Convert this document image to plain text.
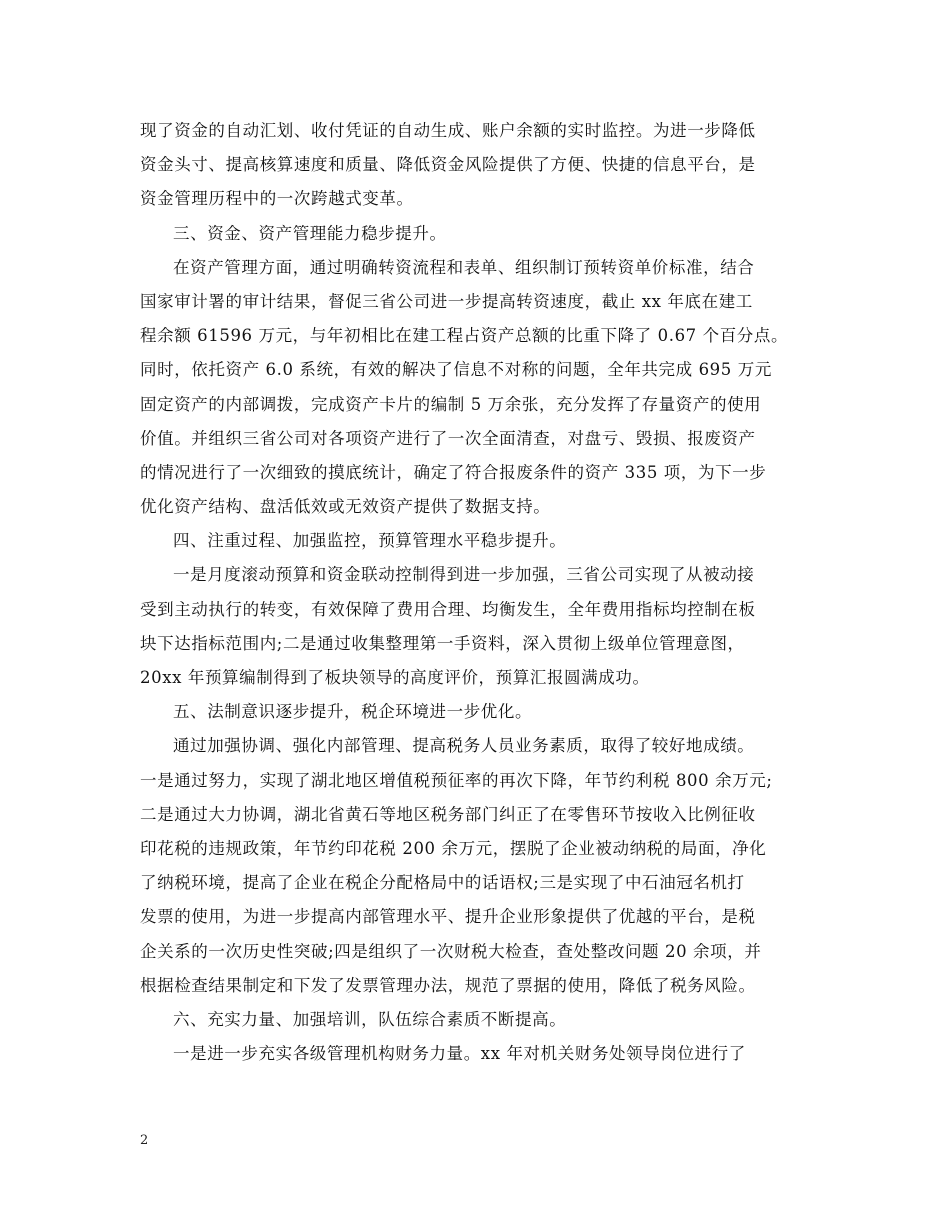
现了资金的自动汇划、收付凭证的自动生成、账户余额的实时监控。为进一步降低
资金头寸、提高核算速度和质量、降低资金风险提供了方便、快捷的信息平台，是
资金管理历程中的一次跨越式变革。
三、资金、资产管理能力稳步提升。
在资产管理方面，通过明确转资流程和表单、组织制订预转资单价标准，结合
国家审计署的审计结果，督促三省公司进一步提高转资速度，截止 xx 年底在建工
程余额 61596 万元，与年初相比在建工程占资产总额的比重下降了 0.67 个百分点。
同时，依托资产 6.0 系统，有效的解决了信息不对称的问题，全年共完成 695 万元
固定资产的内部调拨，完成资产卡片的编制 5 万余张，充分发挥了存量资产的使用
价值。并组织三省公司对各项资产进行了一次全面清查，对盘亏、毁损、报废资产
的情况进行了一次细致的摸底统计，确定了符合报废条件的资产 335 项，为下一步
优化资产结构、盘活低效或无效资产提供了数据支持。
四、注重过程、加强监控，预算管理水平稳步提升。
一是月度滚动预算和资金联动控制得到进一步加强，三省公司实现了从被动接
受到主动执行的转变，有效保障了费用合理、均衡发生，全年费用指标均控制在板
块下达指标范围内;二是通过收集整理第一手资料，深入贯彻上级单位管理意图，
20xx 年预算编制得到了板块领导的高度评价，预算汇报圆满成功。
五、法制意识逐步提升，税企环境进一步优化。
通过加强协调、强化内部管理、提高税务人员业务素质，取得了较好地成绩。
一是通过努力，实现了湖北地区增值税预征率的再次下降，年节约利税 800 余万元;
二是通过大力协调，湖北省黄石等地区税务部门纠正了在零售环节按收入比例征收
印花税的违规政策，年节约印花税 200 余万元，摆脱了企业被动纳税的局面，净化
了纳税环境，提高了企业在税企分配格局中的话语权;三是实现了中石油冠名机打
发票的使用，为进一步提高内部管理水平、提升企业形象提供了优越的平台，是税
企关系的一次历史性突破;四是组织了一次财税大检查，查处整改问题 20 余项，并
根据检查结果制定和下发了发票管理办法，规范了票据的使用，降低了税务风险。
六、充实力量、加强培训，队伍综合素质不断提高。
一是进一步充实各级管理机构财务力量。xx 年对机关财务处领导岗位进行了
2
